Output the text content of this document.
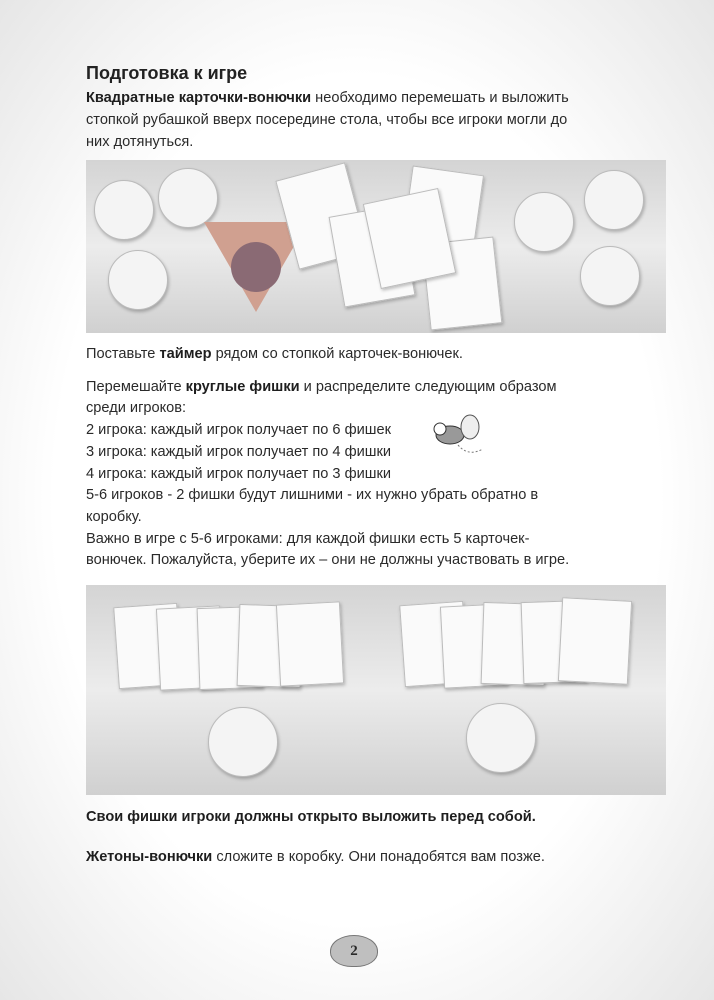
Подготовка к игре
Квадратные карточки-вонючки необходимо перемешать и выложить
стопкой рубашкой вверх посередине стола, чтобы все игроки могли до
них дотянуться.
Поставьте таймер рядом со стопкой карточек-вонючек.
Перемешайте круглые фишки и распределите следующим образом
среди игроков:
2 игрока: каждый игрок получает по 6 фишек
3 игрока: каждый игрок получает по 4 фишки
4 игрока: каждый игрок получает по 3 фишки
5-6 игроков - 2 фишки будут лишними - их нужно убрать обратно в
коробку.
Важно в игре с 5-6 игроками: для каждой фишки есть 5 карточек-
вонючек. Пожалуйста, уберите их – они не должны участвовать в игре.
Свои фишки игроки должны открыто выложить перед собой.
Жетоны-вонючки сложите в коробку. Они понадобятся вам позже.
2
